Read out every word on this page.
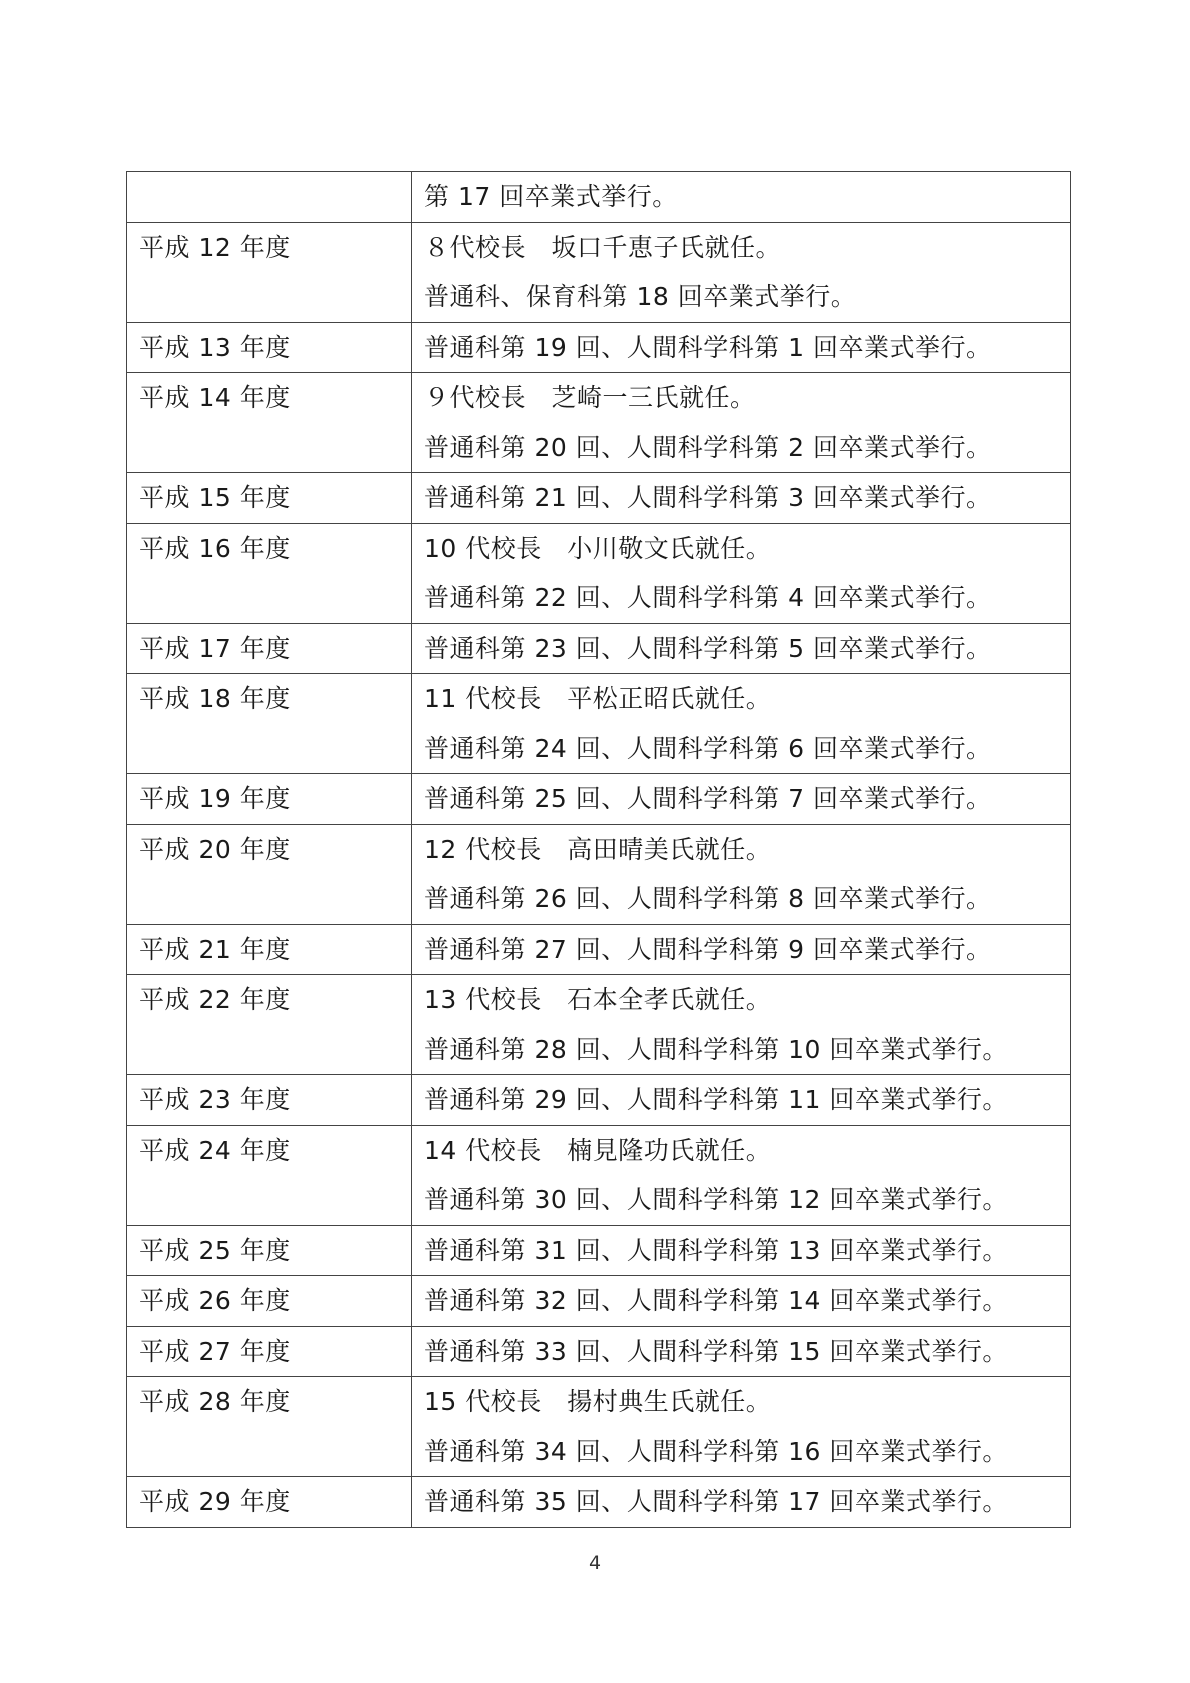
	第 17 回卒業式挙行。

平成 12 年度	８代校長　坂口千恵子氏就任。
普通科、保育科第 18 回卒業式挙行。

平成 13 年度	普通科第 19 回、人間科学科第 1 回卒業式挙行。

平成 14 年度	９代校長　芝崎一三氏就任。
普通科第 20 回、人間科学科第 2 回卒業式挙行。

平成 15 年度	普通科第 21 回、人間科学科第 3 回卒業式挙行。

平成 16 年度	10 代校長　小川敬文氏就任。
普通科第 22 回、人間科学科第 4 回卒業式挙行。

平成 17 年度	普通科第 23 回、人間科学科第 5 回卒業式挙行。

平成 18 年度	11 代校長　平松正昭氏就任。
普通科第 24 回、人間科学科第 6 回卒業式挙行。

平成 19 年度	普通科第 25 回、人間科学科第 7 回卒業式挙行。

平成 20 年度	12 代校長　高田晴美氏就任。
普通科第 26 回、人間科学科第 8 回卒業式挙行。

平成 21 年度	普通科第 27 回、人間科学科第 9 回卒業式挙行。

平成 22 年度	13 代校長　石本全孝氏就任。
普通科第 28 回、人間科学科第 10 回卒業式挙行。

平成 23 年度	普通科第 29 回、人間科学科第 11 回卒業式挙行。

平成 24 年度	14 代校長　楠見隆功氏就任。
普通科第 30 回、人間科学科第 12 回卒業式挙行。

平成 25 年度	普通科第 31 回、人間科学科第 13 回卒業式挙行。

平成 26 年度	普通科第 32 回、人間科学科第 14 回卒業式挙行。

平成 27 年度	普通科第 33 回、人間科学科第 15 回卒業式挙行。

平成 28 年度	15 代校長　揚村典生氏就任。
普通科第 34 回、人間科学科第 16 回卒業式挙行。

平成 29 年度	普通科第 35 回、人間科学科第 17 回卒業式挙行。
4
